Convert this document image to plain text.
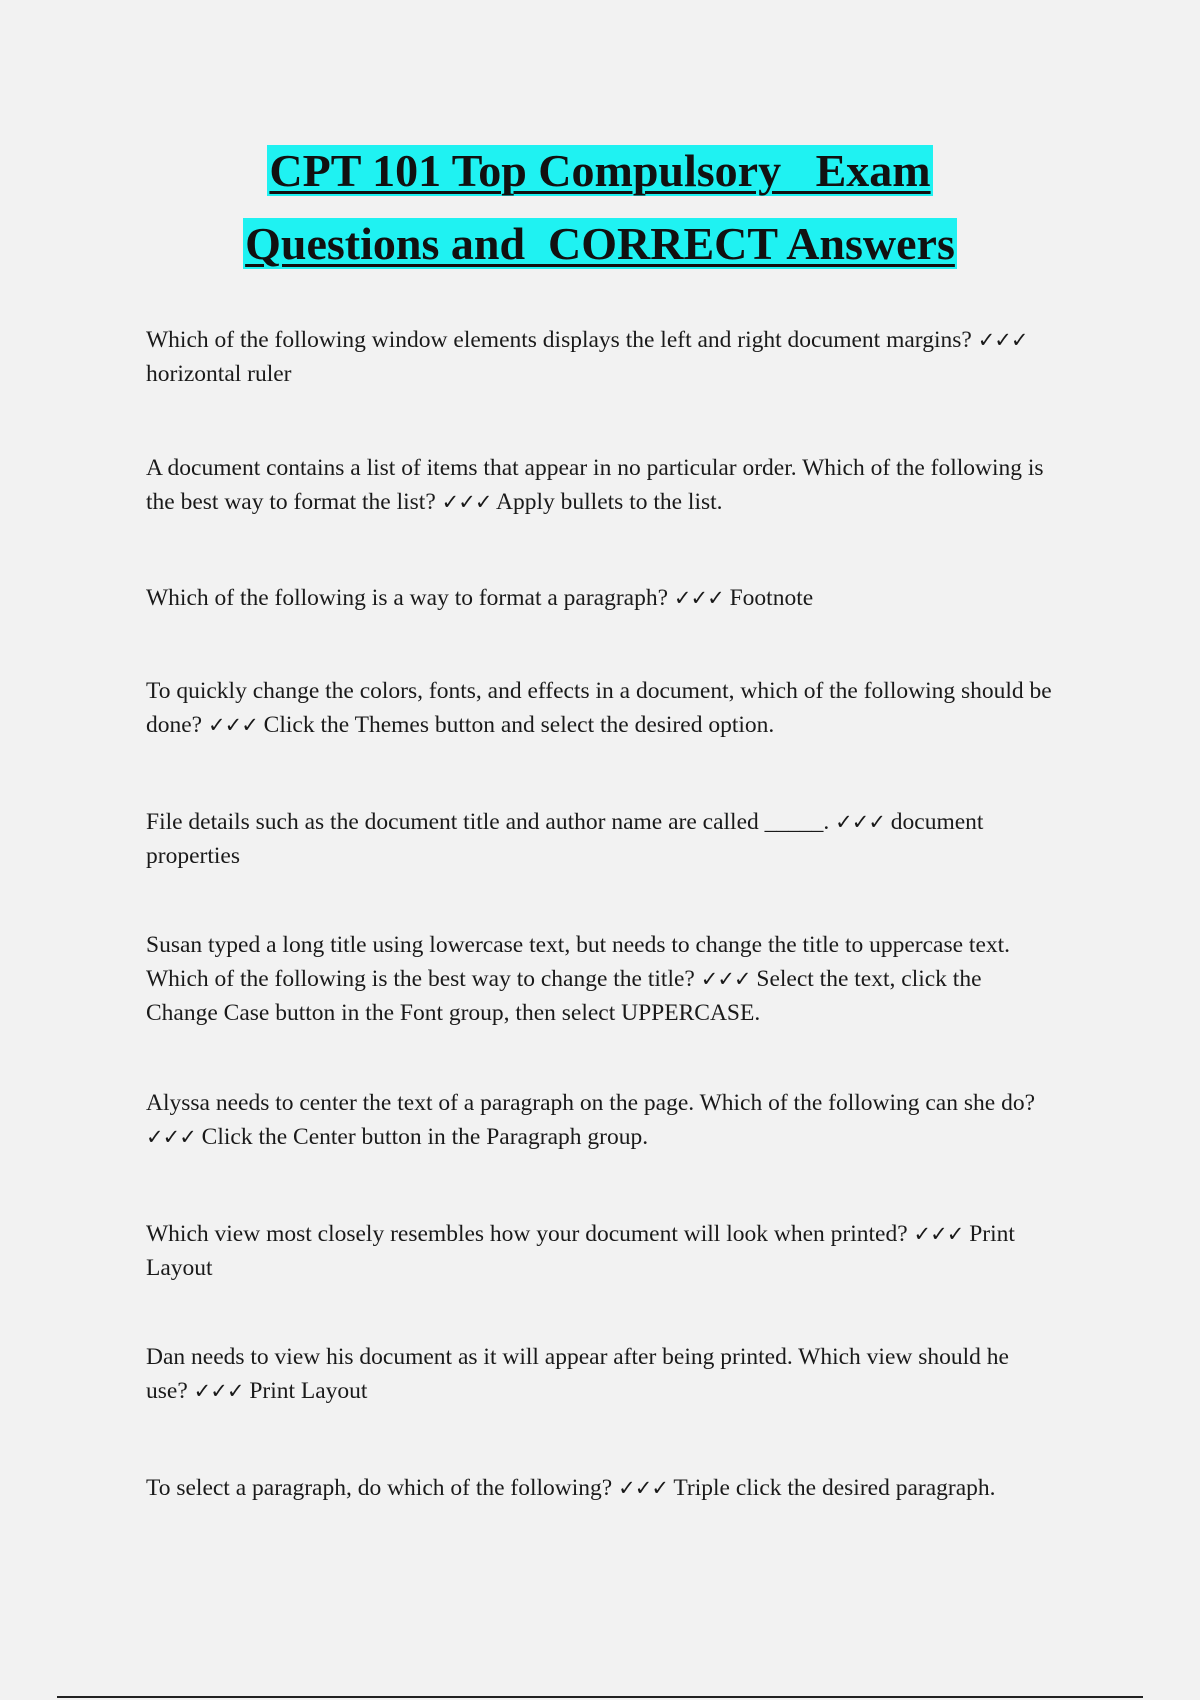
CPT 101 Top Compulsory   Exam
Questions and  CORRECT Answers
Which of the following window elements displays the left and right document margins? ✓✓✓ horizontal ruler
A document contains a list of items that appear in no particular order. Which of the following is the best way to format the list? ✓✓✓ Apply bullets to the list.
Which of the following is a way to format a paragraph? ✓✓✓ Footnote
To quickly change the colors, fonts, and effects in a document, which of the following should be done? ✓✓✓ Click the Themes button and select the desired option.
File details such as the document title and author name are called _____. ✓✓✓ document properties
Susan typed a long title using lowercase text, but needs to change the title to uppercase text. Which of the following is the best way to change the title? ✓✓✓ Select the text, click the Change Case button in the Font group, then select UPPERCASE.
Alyssa needs to center the text of a paragraph on the page. Which of the following can she do? ✓✓✓ Click the Center button in the Paragraph group.
Which view most closely resembles how your document will look when printed? ✓✓✓ Print Layout
Dan needs to view his document as it will appear after being printed. Which view should he use? ✓✓✓ Print Layout
To select a paragraph, do which of the following? ✓✓✓ Triple click the desired paragraph.
